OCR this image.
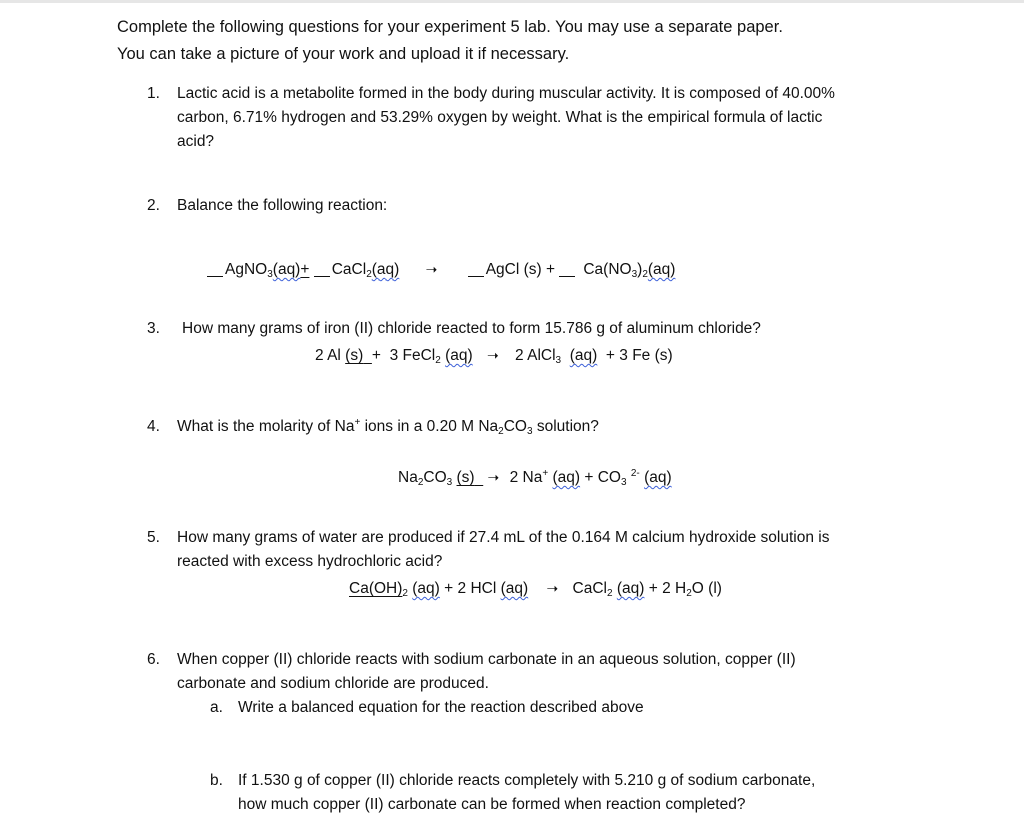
Complete the following questions for your experiment 5 lab. You may use a separate paper.
You can take a picture of your work and upload it if necessary.
1. Lactic acid is a metabolite formed in the body during muscular activity. It is composed of 40.00%
carbon, 6.71% hydrogen and 53.29% oxygen by weight. What is the empirical formula of lactic
acid?
2. Balance the following reaction:
AgNO$_3$(aq)+ CaCl$_2$(aq) ➝	AgCl $(s) + Ca(NO_3)_2(aq)$
3. How many grams of iron (II) chloride reacted to form 15.786 g of aluminum chloride?
2 Al (s) + 3 FeCl$_2$ (aq) ➝ 2 AlCl$_3$ (aq) + 3 Fe (s)
4. What is the molarity of Na+ ions in a 0.20 M $Na_2CO_3$ solution?
$Na_2CO_3$ (s) ➝ 2 Na+ $(aq) + CO_3$ $^{2-}$ (aq)
5. How many grams of water are produced if 27.4 mL of the 0.164 M calcium hydroxide solution is
reacted with excess hydrochloric acid?
$Ca(OH)_2$ (aq) + 2 HCl (aq) ➝ CaCl$_2$ (aq) + 2 $H_2O$ (l)
6. When copper (II) chloride reacts with sodium carbonate in an aqueous solution, copper (II)
carbonate and sodium chloride are produced.
a. Write a balanced equation for the reaction described above
b. If 1.530 g of copper (II) chloride reacts completely with 5.210 g of sodium carbonate,
how much copper (II) carbonate can be formed when reaction completed?
